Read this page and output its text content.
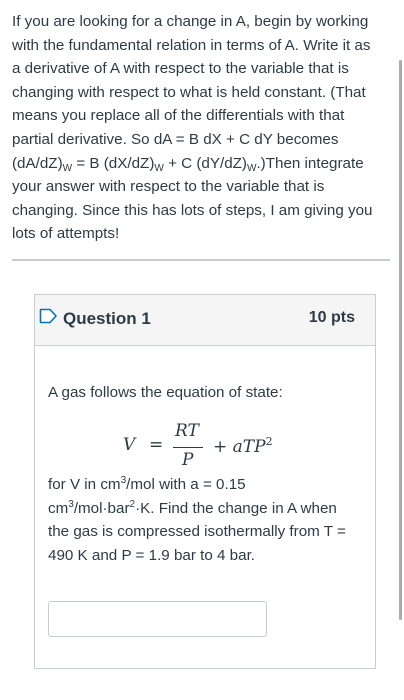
If you are looking for a change in A, begin by working
with the fundamental relation in terms of A. Write it as
a derivative of A with respect to the variable that is
changing with respect to what is held constant. (That
means you replace all of the differentials with that
partial derivative. So dA = B dX + C dY becomes
$(dA/dZ)_W = B$ $(dX/dZ)_W + C$ $(dY/dZ)_W.)Then$ integrate
your answer with respect to the variable that is
changing. Since this has lots of steps, I am giving you
lots of attempts!
Question 1	10 pts
A gas follows the equation of state:
V =
RT
P
+ aTP$^2$
for V in $cm^3$/mol with a = 0.15
$cm^3/mol\cdot bar^2\cdot K$. Find the change in A when
the gas is compressed isothermally from T =
490 K and P = 1.9 bar to 4 bar.
